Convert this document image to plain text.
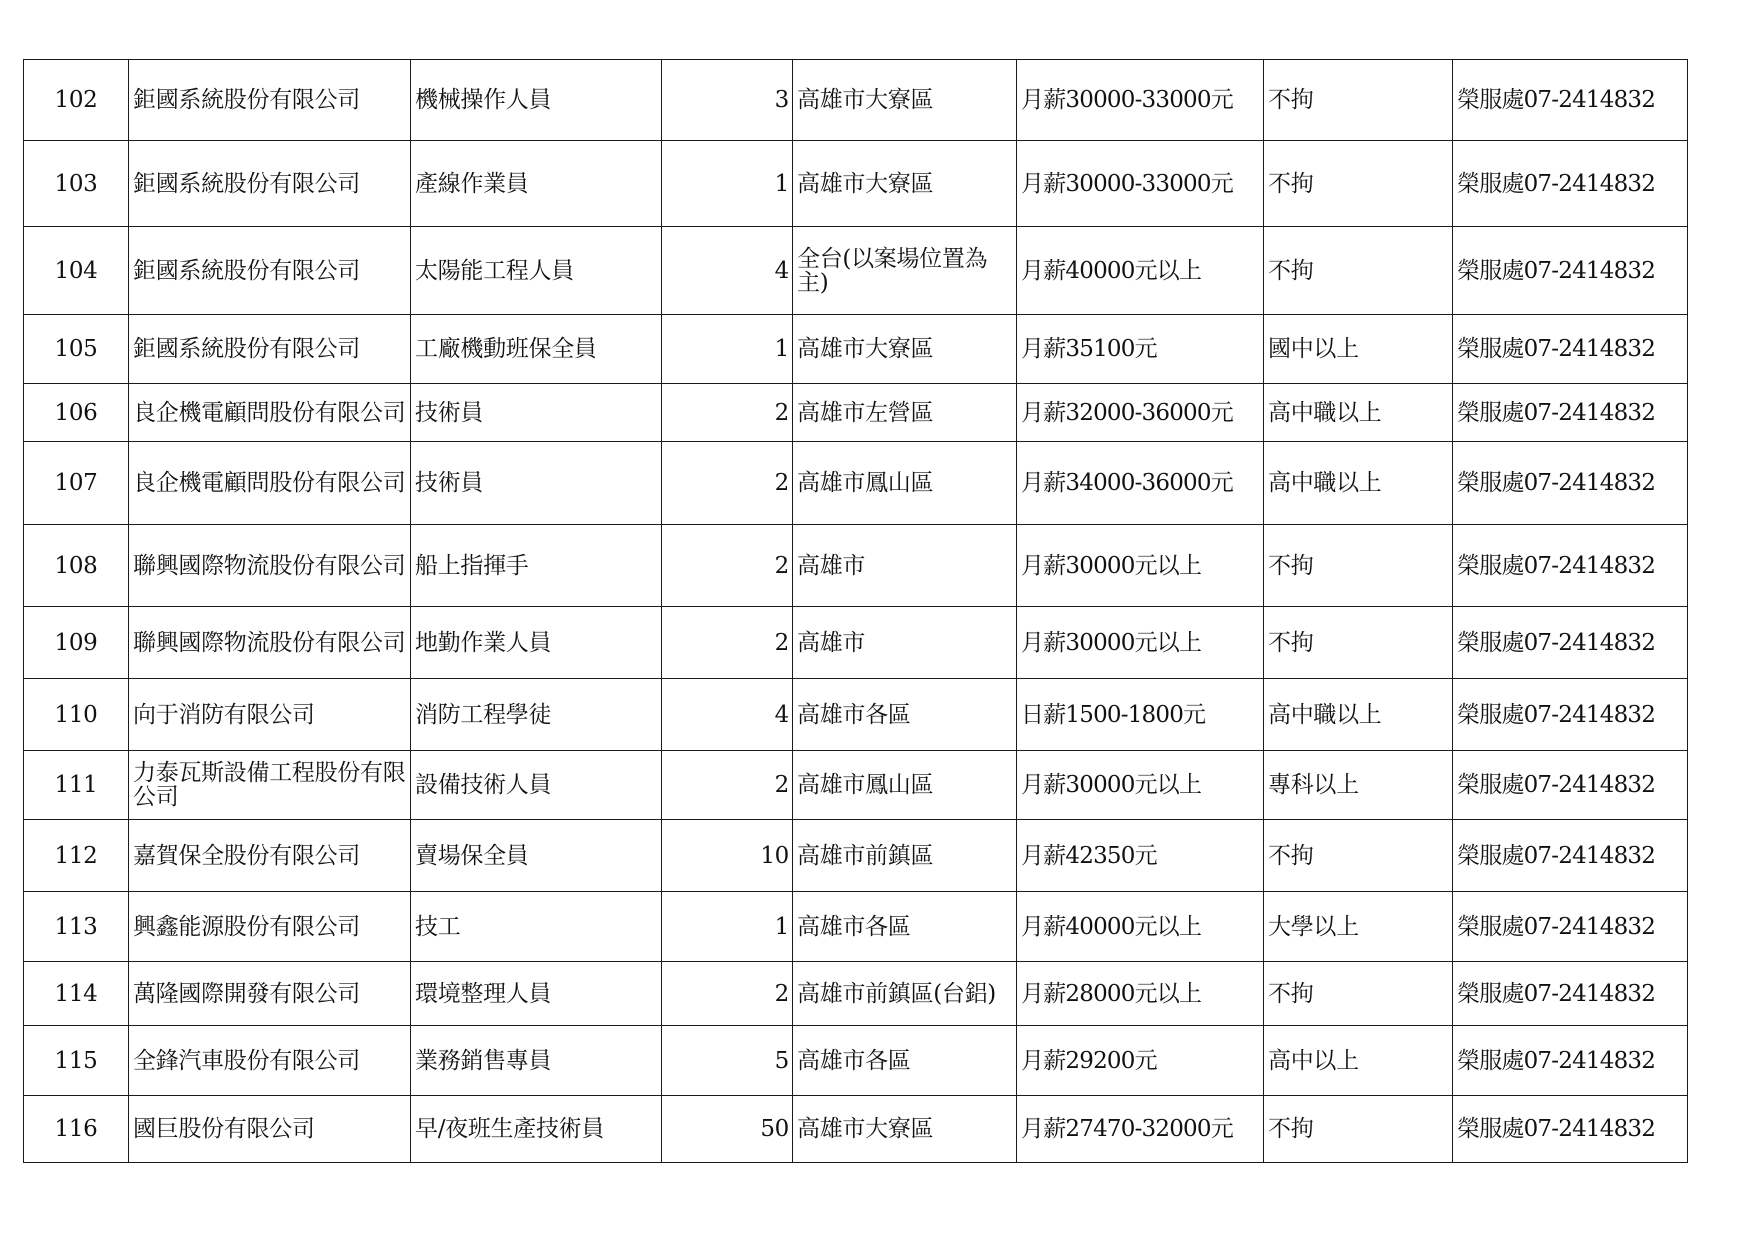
102	鉅國系統股份有限公司	機械操作人員	3	高雄市大寮區	月薪30000-33000元	不拘	榮服處07-2414832
103	鉅國系統股份有限公司	產線作業員	1	高雄市大寮區	月薪30000-33000元	不拘	榮服處07-2414832
104	鉅國系統股份有限公司	太陽能工程人員	4	全台(以案場位置為主)	月薪40000元以上	不拘	榮服處07-2414832
105	鉅國系統股份有限公司	工廠機動班保全員	1	高雄市大寮區	月薪35100元	國中以上	榮服處07-2414832
106	良企機電顧問股份有限公司	技術員	2	高雄市左營區	月薪32000-36000元	高中職以上	榮服處07-2414832
107	良企機電顧問股份有限公司	技術員	2	高雄市鳳山區	月薪34000-36000元	高中職以上	榮服處07-2414832
108	聯興國際物流股份有限公司	船上指揮手	2	高雄市	月薪30000元以上	不拘	榮服處07-2414832
109	聯興國際物流股份有限公司	地勤作業人員	2	高雄市	月薪30000元以上	不拘	榮服處07-2414832
110	向于消防有限公司	消防工程學徒	4	高雄市各區	日薪1500-1800元	高中職以上	榮服處07-2414832
111	力泰瓦斯設備工程股份有限公司	設備技術人員	2	高雄市鳳山區	月薪30000元以上	專科以上	榮服處07-2414832
112	嘉賀保全股份有限公司	賣場保全員	10	高雄市前鎮區	月薪42350元	不拘	榮服處07-2414832
113	興鑫能源股份有限公司	技工	1	高雄市各區	月薪40000元以上	大學以上	榮服處07-2414832
114	萬隆國際開發有限公司	環境整理人員	2	高雄市前鎮區(台鋁)	月薪28000元以上	不拘	榮服處07-2414832
115	全鋒汽車股份有限公司	業務銷售專員	5	高雄市各區	月薪29200元	高中以上	榮服處07-2414832
116	國巨股份有限公司	早/夜班生產技術員	50	高雄市大寮區	月薪27470-32000元	不拘	榮服處07-2414832
